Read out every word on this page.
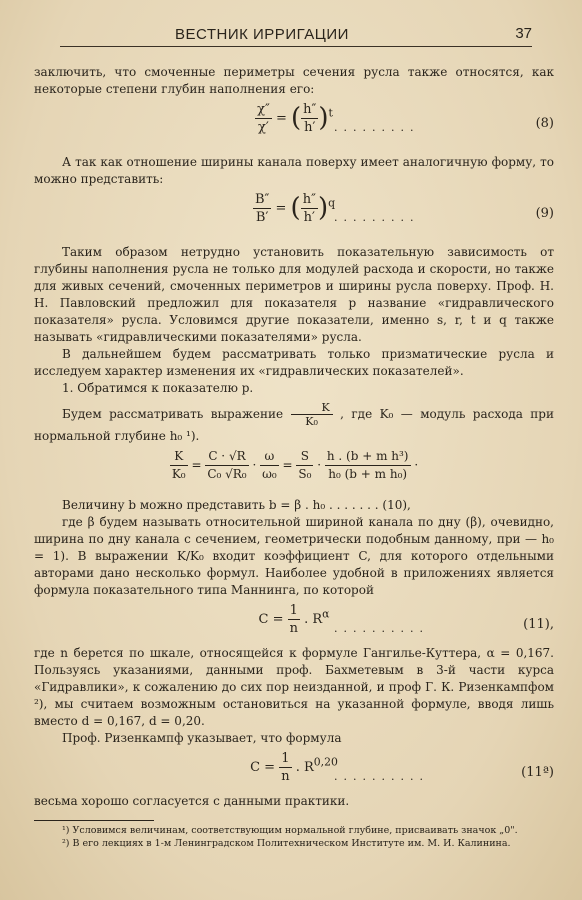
ВЕСТНИК ИРРИГАЦИИ	37

заключить, что смоченные периметры сечения русла также относятся, как некоторые степени глубин наполнения его:

$\frac{\chi''}{\chi'}$ = ( $\frac{h''}{h'} )^t$
.........	(8)

А так как отношение ширины канала поверху имеет аналогичную форму, то можно представить:

$\frac{B''}{B'}$ = ( $\frac{h''}{h'} )^q$
.........	(9)

Таким образом нетрудно установить показательную зависимость от глубины наполнения русла не только для модулей расхода и скорости, но также для живых сечений, смоченных периметров и ширины русла поверху. Проф. Н. Н. Павловский предложил для показателя p название «гидравлического показателя» русла. Условимся другие показатели, именно s, r, t и q также называть «гидравлическими показателями» русла.

В дальнейшем будем рассматривать только призматические русла и исследуем характер изменения их «гидравлических показателей».

1. Обратимся к показателю p.

Будем рассматривать выражение $\frac{K}{\text{K₀}}$ , где K₀ — модуль расхода при нормальной глубине h₀ ¹).

$\frac{K}{\text{K₀}} = \frac{C \cdot √R}{\text{C₀ √R₀}} \cdot \frac{\omega}{\text{ω₀}} = \frac{S}{\text{S₀}} \cdot \frac{\text{h . (b + m h³)}}{\text{h₀ (b + m h₀)}}$ ·

Величину b можно представить b = β . h₀ . . . . . . . (10),

где β будем называть относительной шириной канала по дну (β), очевидно, ширина по дну канала с сечением, геометрически подобным данному, при — h₀ = 1). В выражении K/K₀ входит коэффициент C, для которого отдельными авторами дано несколько формул. Наиболее удобной в приложениях является формула показательного типа Маннинга, по которой

$C = \frac{1}{n}$ . $R^\alpha$
..........	(11),

где n берется по шкале, относящейся к формуле Гангилье-Куттера, α = 0,167. Пользуясь указаниями, данными проф. Бахметевым в 3-й части курса «Гидравлики», к сожалению до сих пор неизданной, и проф Г. К. Ризенкампфом ²), мы считаем возможным остановиться на указанной формуле, вводя лишь вместо d = 0,167, d = 0,20.

Проф. Ризенкампф указывает, что формула

$C = \frac{1}{n}$ . R$^{0,20}$
..........	(11ª)

весьма хорошо согласуется с данными практики.

¹) Условимся величинам, соответствующим нормальной глубине, присваивать значок „0".

²) В его лекциях в 1-м Ленинградском Политехническом Институте им. М. И. Калинина.
